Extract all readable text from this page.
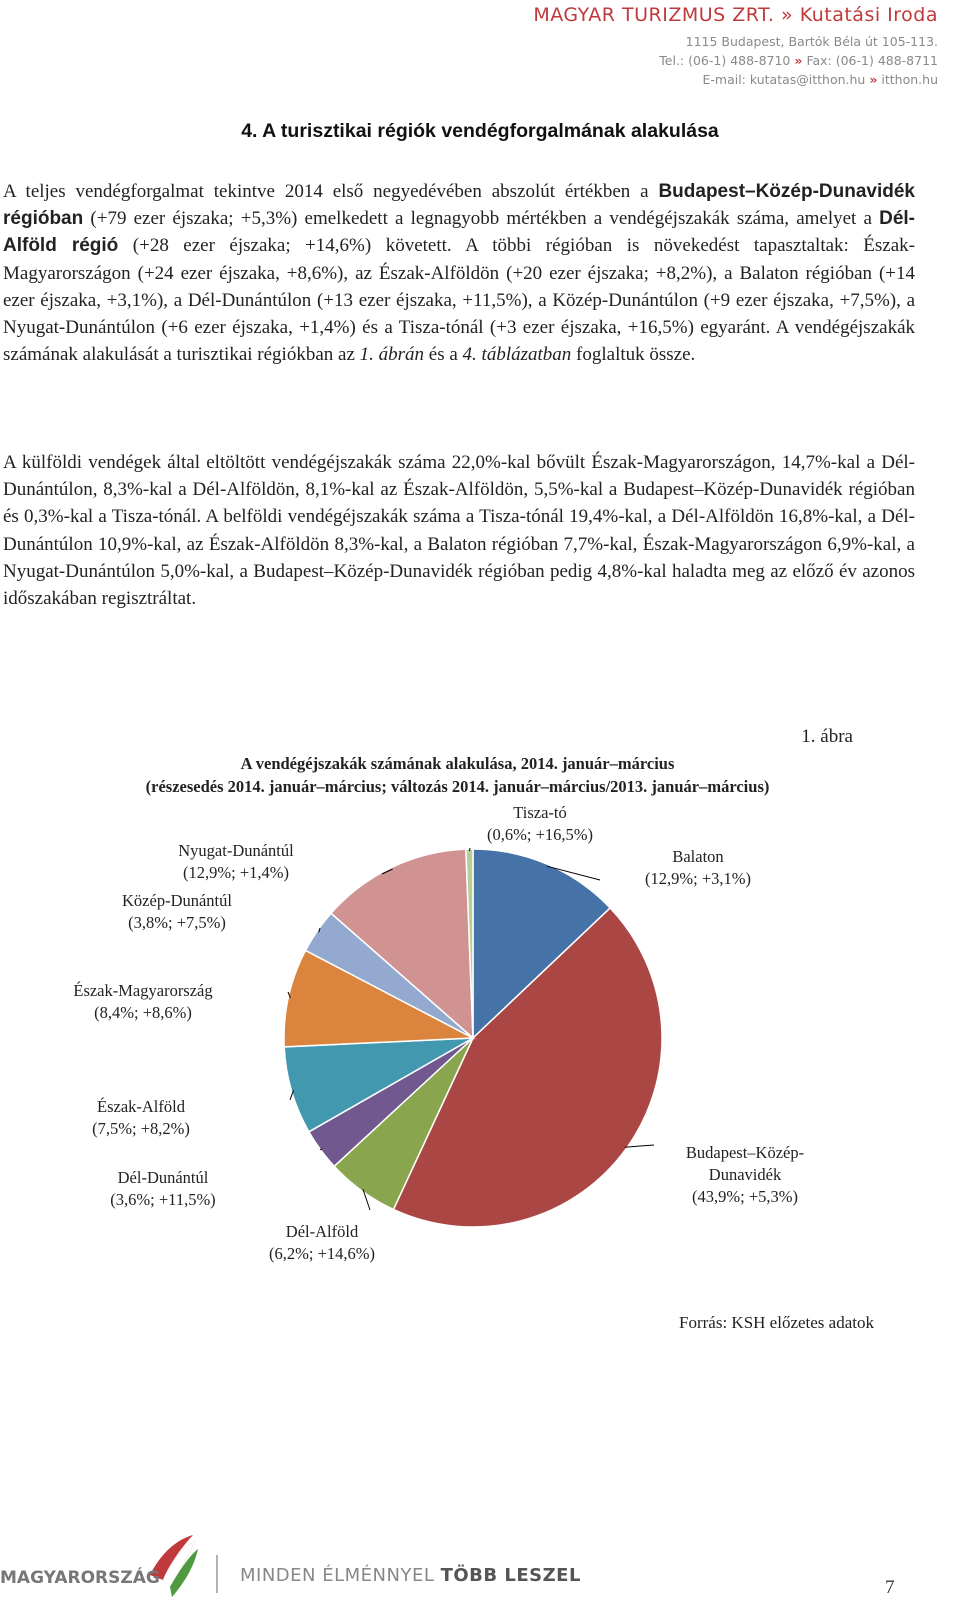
MAGYAR TURIZMUS ZRT. » Kutatási Iroda
1115 Budapest, Bartók Béla út 105-113.
Tel.: (06-1) 488-8710 » Fax: (06-1) 488-8711
E-mail: kutatas@itthon.hu » itthon.hu
4. A turisztikai régiók vendégforgalmának alakulása

A teljes vendégforgalmat tekintve 2014 első negyedévében abszolút értékben a Budapest–Közép-Dunavidék régióban (+79 ezer éjszaka; +5,3%) emelkedett a legnagyobb mértékben a vendégéjszakák száma, amelyet a Dél-Alföld régió (+28 ezer éjszaka; +14,6%) követett. A többi régióban is növekedést tapasztaltak: Észak-Magyarországon (+24 ezer éjszaka, +8,6%), az Észak-Alföldön (+20 ezer éjszaka; +8,2%), a Balaton régióban (+14 ezer éjszaka, +3,1%), a Dél-Dunántúlon (+13 ezer éjszaka, +11,5%), a Közép-Dunántúlon (+9 ezer éjszaka, +7,5%), a Nyugat-Dunántúlon (+6 ezer éjszaka, +1,4%) és a Tisza-tónál (+3 ezer éjszaka, +16,5%) egyaránt. A vendégéjszakák számának alakulását a turisztikai régiókban az 1. ábrán és a 4. táblázatban foglaltuk össze.

A külföldi vendégek által eltöltött vendégéjszakák száma 22,0%-kal bővült Észak-Magyarországon, 14,7%-kal a Dél-Dunántúlon, 8,3%-kal a Dél-Alföldön, 8,1%-kal az Észak-Alföldön, 5,5%-kal a Budapest–Közép-Dunavidék régióban és 0,3%-kal a Tisza-tónál. A belföldi vendégéjszakák száma a Tisza-tónál 19,4%-kal, a Dél-Alföldön 16,8%-kal, a Dél-Dunántúlon 10,9%-kal, az Észak-Alföldön 8,3%-kal, a Balaton régióban 7,7%-kal, Észak-Magyarországon 6,9%-kal, a Nyugat-Dunántúlon 5,0%-kal, a Budapest–Közép-Dunavidék régióban pedig 4,8%-kal haladta meg az előző év azonos időszakában regisztráltat.

1. ábra
A vendégéjszakák számának alakulása, 2014. január–március
(részesedés 2014. január–március; változás 2014. január–március/2013. január–március)
Balaton (12,9%; +3,1%)
Budapest–Közép-Dunavidék (43,9%; +5,3%)
Dél-Alföld (6,2%; +14,6%)
Dél-Dunántúl (3,6%; +11,5%)
Észak-Alföld (7,5%; +8,2%)
Észak-Magyarország (8,4%; +8,6%)
Közép-Dunántúl (3,8%; +7,5%)
Nyugat-Dunántúl (12,9%; +1,4%)
Tisza-tó (0,6%; +16,5%)
Forrás: KSH előzetes adatok
MAGYARORSZÁG	MINDEN ÉLMÉNNYEL TÖBB LESZEL
7
